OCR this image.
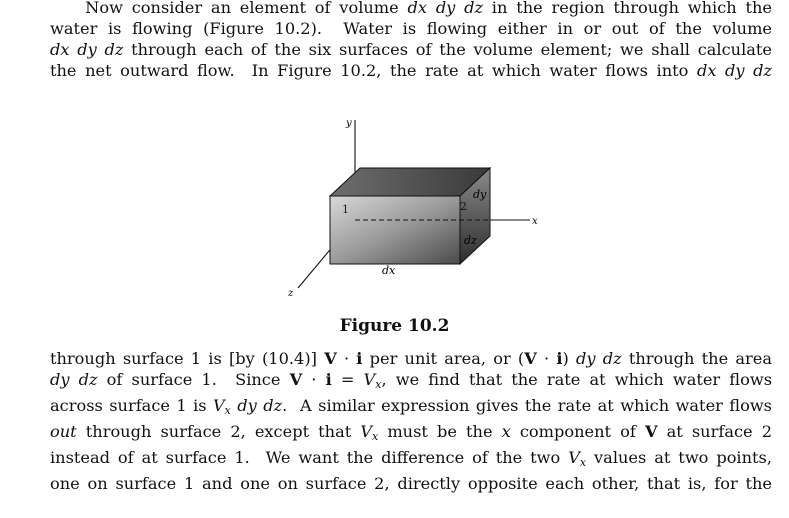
Now consider an element of volume dx dy dz in the region through which the
water is flowing (Figure 10.2).  Water is flowing either in or out of the volume
dx dy dz through each of the six surfaces of the volume element; we shall calculate
the net outward flow.  In Figure 10.2, the rate at which water flows into dx dy dz
y
x
z
1	2
dy
dz
dx
Figure 10.2
through surface 1 is [by (10.4)] V · i per unit area, or (V · i) dy dz through the area
dy dz of surface 1.  Since $V \cdot i = V_x$, we find that the rate at which water flows
across surface 1 is $V_x$ dy dz.  A similar expression gives the rate at which water flows
out through surface 2, except that $V_x$ must be the x component of V at surface 2
instead of at surface 1.  We want the difference of the two $V_x$ values at two points,
one on surface 1 and one on surface 2, directly opposite each other, that is, for the
